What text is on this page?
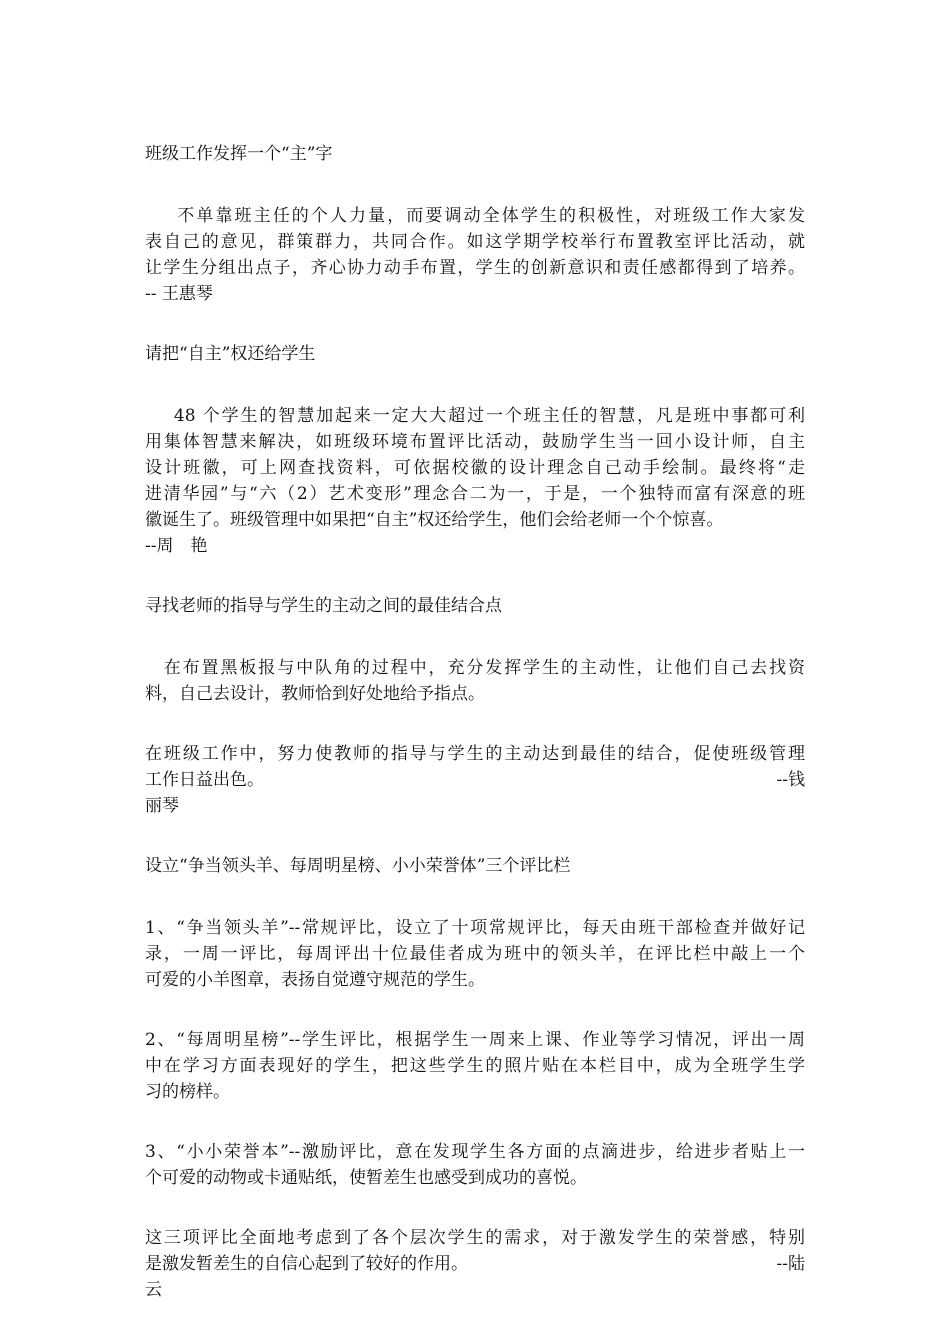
班级工作发挥一个“主”字

不单靠班主任的个人力量，而要调动全体学生的积极性，对班级工作大家发
表自己的意见，群策群力，共同合作。如这学期学校举行布置教室评比活动，就
让学生分组出点子，齐心协力动手布置，学生的创新意识和责任感都得到了培养。
-- 王惠琴

请把“自主”权还给学生

48 个学生的智慧加起来一定大大超过一个班主任的智慧，凡是班中事都可利
用集体智慧来解决，如班级环境布置评比活动，鼓励学生当一回小设计师，自主
设计班徽，可上网查找资料，可依据校徽的设计理念自己动手绘制。最终将“走
进清华园”与“六（2）艺术变形”理念合二为一，于是，一个独特而富有深意的班
徽诞生了。班级管理中如果把“自主”权还给学生，他们会给老师一个个惊喜。
--周　艳

寻找老师的指导与学生的主动之间的最佳结合点

在布置黑板报与中队角的过程中，充分发挥学生的主动性，让他们自己去找资
料，自己去设计，教师恰到好处地给予指点。
在班级工作中，努力使教师的指导与学生的主动达到最佳的结合，促使班级管理
工作日益出色。	--钱
丽琴

设立“争当领头羊、每周明星榜、小小荣誉体”三个评比栏

1、“争当领头羊”--常规评比，设立了十项常规评比，每天由班干部检查并做好记
录，一周一评比，每周评出十位最佳者成为班中的领头羊，在评比栏中敲上一个
可爱的小羊图章，表扬自觉遵守规范的学生。
2、“每周明星榜”--学生评比，根据学生一周来上课、作业等学习情况，评出一周
中在学习方面表现好的学生，把这些学生的照片贴在本栏目中，成为全班学生学
习的榜样。
3、“小小荣誉本”--激励评比，意在发现学生各方面的点滴进步，给进步者贴上一
个可爱的动物或卡通贴纸，使暂差生也感受到成功的喜悦。
这三项评比全面地考虑到了各个层次学生的需求，对于激发学生的荣誉感，特别
是激发暂差生的自信心起到了较好的作用。	--陆
云
